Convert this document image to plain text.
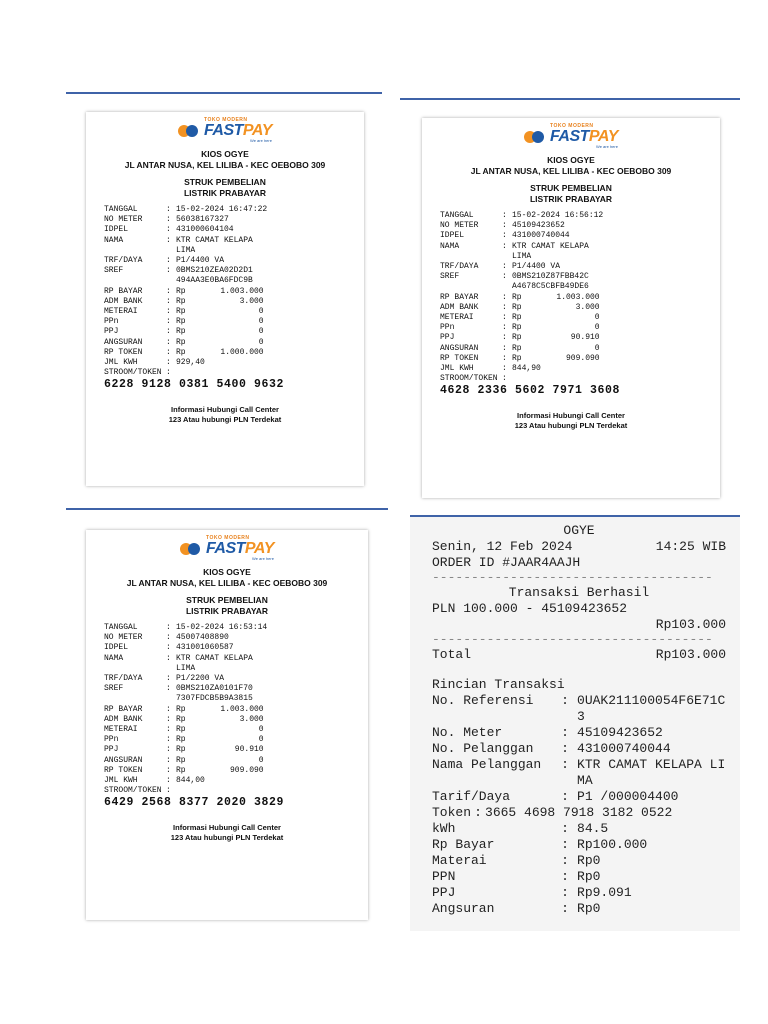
TOKO MODERN
FASTPAY
We are here
KIOS OGYE
JL ANTAR NUSA, KEL LILIBA - KEC OEBOBO 309
STRUK PEMBELIAN
LISTRIK PRABAYAR
TANGGAL	: 15-02-2024 16:47:22
NO METER	: 56038167327
IDPEL	: 431000604104
NAMA	: KTR CAMAT KELAPA
LIMA
TRF/DAYA	: P1/4400 VA
SREF	: 0BMS210ZEA02D2D1
494AA3E0BA6FDC9B
RP BAYAR	: Rp	1.003.000
ADM BANK	: Rp	3.000
METERAI	: Rp	0
PPn	: Rp	0
PPJ	: Rp	0
ANGSURAN	: Rp	0
RP TOKEN	: Rp	1.000.000
JML KWH	: 929,40
STROOM/TOKEN :
6228 9128 0381 5400 9632
Informasi Hubungi Call Center
123 Atau hubungi PLN Terdekat
TOKO MODERN
FASTPAY
We are here
KIOS OGYE
JL ANTAR NUSA, KEL LILIBA - KEC OEBOBO 309
STRUK PEMBELIAN
LISTRIK PRABAYAR
TANGGAL	: 15-02-2024 16:56:12
NO METER	: 45109423652
IDPEL	: 431000740044
NAMA	: KTR CAMAT KELAPA
LIMA
TRF/DAYA	: P1/4400 VA
SREF	: 0BMS210Z87FBB42C
A4678C5CBFB49DE6
RP BAYAR	: Rp	1.003.000
ADM BANK	: Rp	3.000
METERAI	: Rp	0
PPn	: Rp	0
PPJ	: Rp	90.910
ANGSURAN	: Rp	0
RP TOKEN	: Rp	909.090
JML KWH	: 844,90
STROOM/TOKEN :
4628 2336 5602 7971 3608
Informasi Hubungi Call Center
123 Atau hubungi PLN Terdekat
TOKO MODERN
FASTPAY
We are here
KIOS OGYE
JL ANTAR NUSA, KEL LILIBA - KEC OEBOBO 309
STRUK PEMBELIAN
LISTRIK PRABAYAR
TANGGAL	: 15-02-2024 16:53:14
NO METER	: 45007408890
IDPEL	: 431001060587
NAMA	: KTR CAMAT KELAPA
LIMA
TRF/DAYA	: P1/2200 VA
SREF	: 0BMS210ZA0101F70
7307FDCB5B9A3815
RP BAYAR	: Rp	1.003.000
ADM BANK	: Rp	3.000
METERAI	: Rp	0
PPn	: Rp	0
PPJ	: Rp	90.910
ANGSURAN	: Rp	0
RP TOKEN	: Rp	909.090
JML KWH	: 844,00
STROOM/TOKEN :
6429 2568 8377 2020 3829
Informasi Hubungi Call Center
123 Atau hubungi PLN Terdekat
OGYE
Senin, 12 Feb 2024	14:25 WIB
ORDER ID #JAAR4AAJH
------------------------------------
Transaksi Berhasil
PLN 100.000 - 45109423652
Rp103.000
------------------------------------
Total	Rp103.000
Rincian Transaksi
No. Referensi	: 0UAK211100054F6E71C3
No. Meter	: 45109423652
No. Pelanggan	: 431000740044
Nama Pelanggan	: KTR CAMAT KELAPA LIMA
Tarif/Daya	: P1 /000004400
Token : 3665 4698 7918 3182 0522
kWh	: 84.5
Rp Bayar	: Rp100.000
Materai	: Rp0
PPN	: Rp0
PPJ	: Rp9.091
Angsuran	: Rp0
